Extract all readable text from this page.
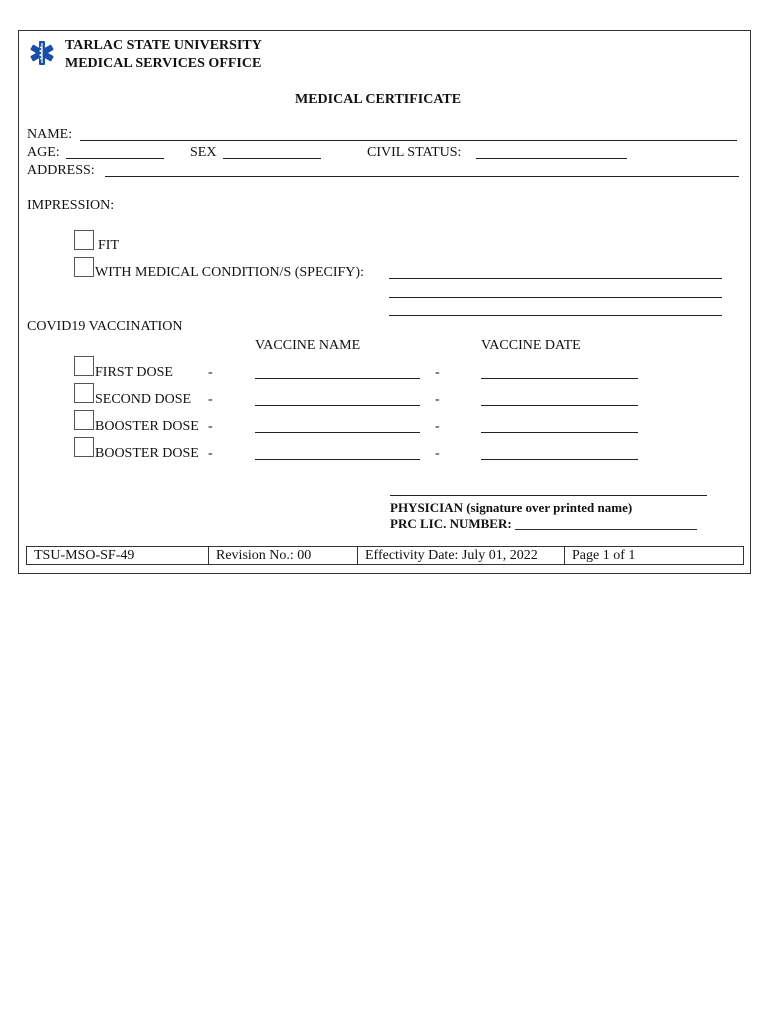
TARLAC STATE UNIVERSITY
MEDICAL SERVICES OFFICE
MEDICAL CERTIFICATE
NAME:
AGE:	SEX	CIVIL STATUS:
ADDRESS:
IMPRESSION:
FIT
WITH MEDICAL CONDITION/S (SPECIFY):
COVID19 VACCINATION
VACCINE NAME	VACCINE DATE
FIRST DOSE	-	-
SECOND DOSE -	-
BOOSTER DOSE -	-
BOOSTER DOSE -	-
PHYSICIAN (signature over printed name)
PRC LIC. NUMBER: ____________________________
TSU-MSO-SF-49	Revision No.: 00	Effectivity Date: July 01, 2022	Page 1 of 1
